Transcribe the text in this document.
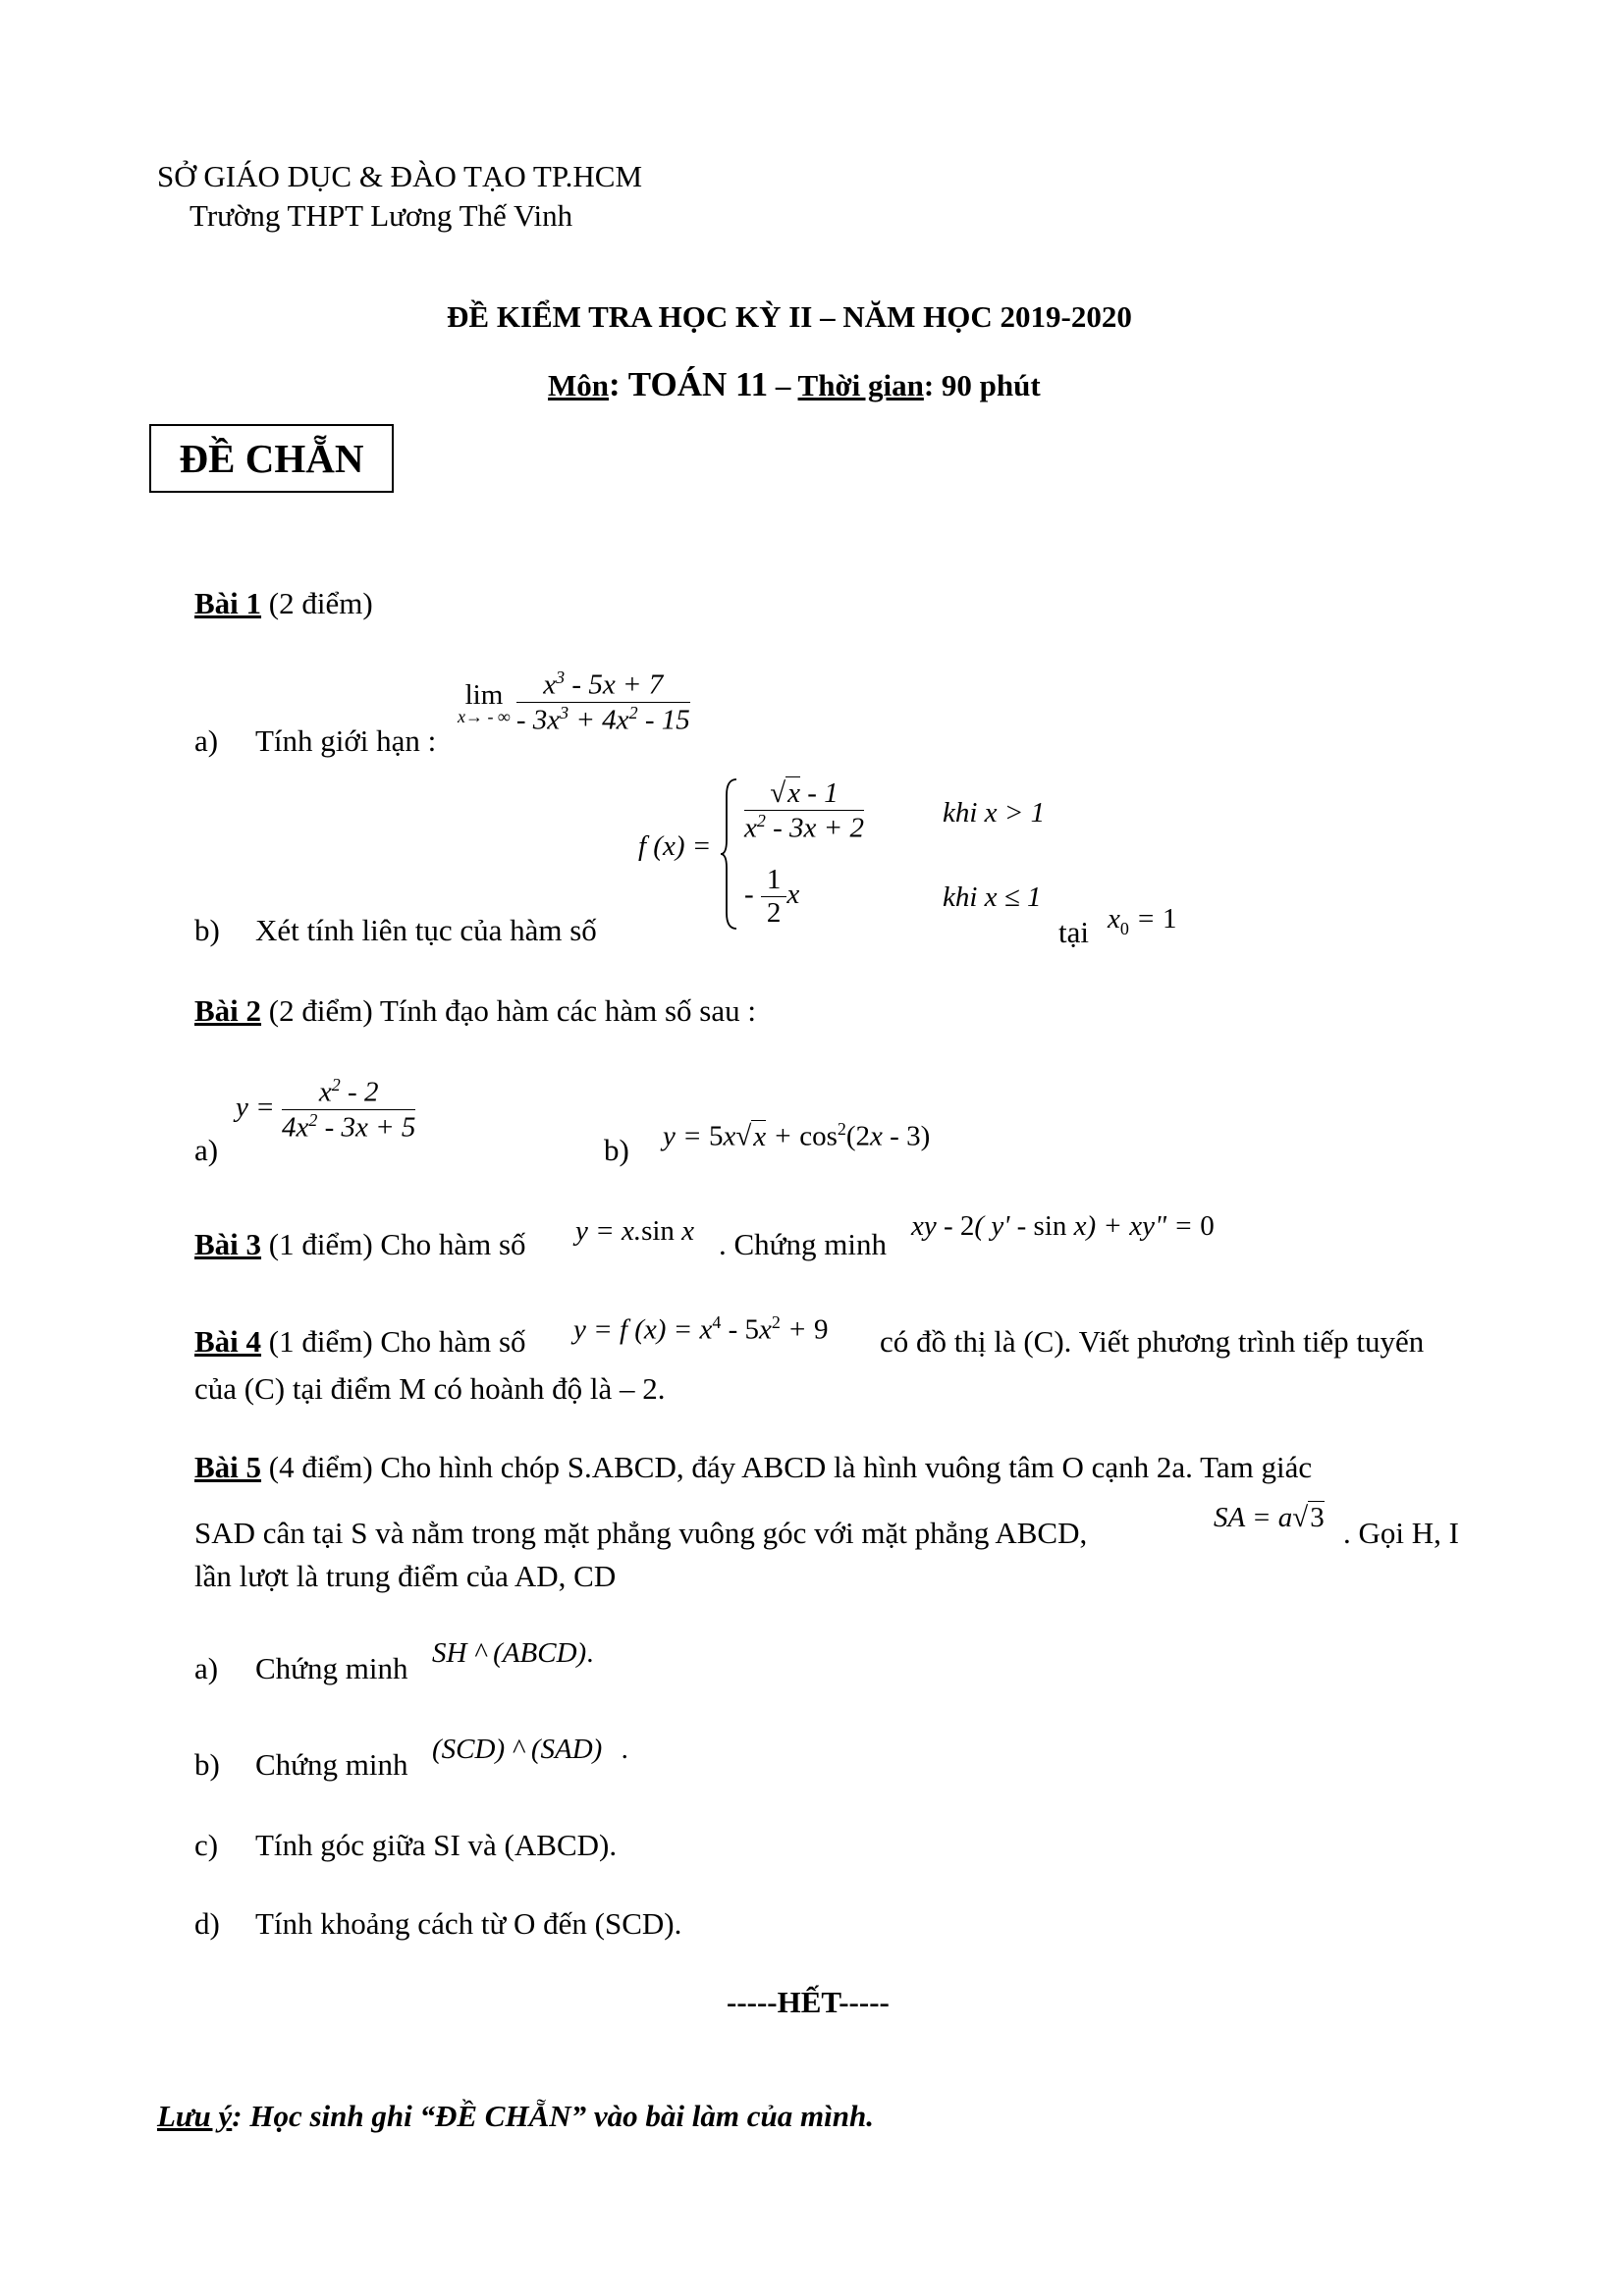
SỞ GIÁO DỤC & ĐÀO TẠO TP.HCM
Trường THPT Lương Thế Vinh
ĐỀ KIỂM TRA HỌC KỲ II – NĂM HỌC 2019-2020
Môn: TOÁN 11 – Thời gian: 90 phút
ĐỀ CHẴN
Bài 1 (2 điểm)
a) Tính giới hạn :
lim
x→ - ∞ $\frac{x^3 - 5x + 7}{- 3x^3 + 4x^2 - 15}$
b) Xét tính liên tục của hàm số
f (x) =
$\frac{√x - 1}{x^2 - 3x + 2}$	khi x > 1
- $\frac{1}{2}$ x	khi x ≤ 1
tại $x_0 = 1$
Bài 2 (2 điểm) Tính đạo hàm các hàm số sau :
a)
$y = \frac{x^2 - 2}{4x^2 - 3x + 5}$
b) $y = 5x√x + \cos^2(2x - 3)$
Bài 3 (1 điểm) Cho hàm số y = x.sin x . Chứng minh
xy - 2( y' - sin x) + xy" = 0
Bài 4 (1 điểm) Cho hàm số y = f $(x) = x^4 - 5x^2 + 9$ có đồ thị là (C). Viết phương trình tiếp tuyến
của (C) tại điểm M có hoành độ là – 2.
Bài 5 (4 điểm) Cho hình chóp S.ABCD, đáy ABCD là hình vuông tâm O cạnh 2a. Tam giác
SAD cân tại S và nằm trong mặt phẳng vuông góc với mặt phẳng ABCD,	SA = a√3 . Gọi H, I
lần lượt là trung điểm của AD, CD
a) Chứng minh SH ^ (ABCD).
b) Chứng minh (SCD) ^ (SAD) .
c) Tính góc giữa SI và (ABCD).
d) Tính khoảng cách từ O đến (SCD).
-----HẾT-----
Lưu ý: Học sinh ghi “ĐỀ CHẴN” vào bài làm của mình.
